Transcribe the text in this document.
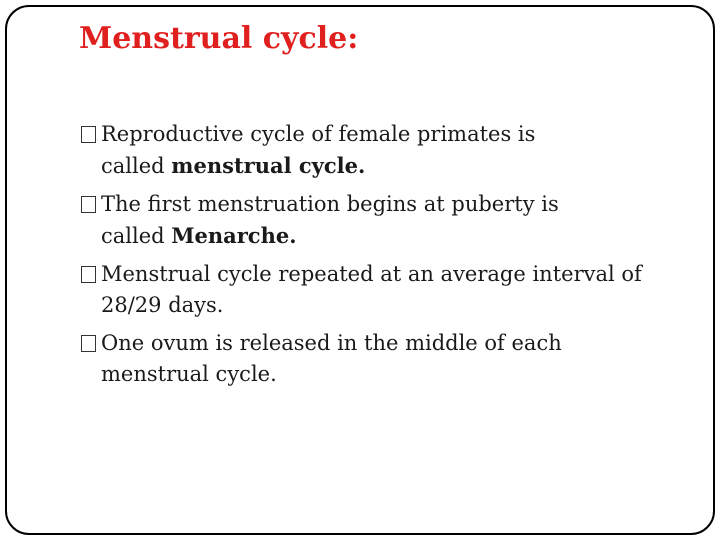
Menstrual cycle:
Reproductive cycle of female primates is
called menstrual cycle.
The first menstruation begins at puberty is
called Menarche.
Menstrual cycle repeated at an average interval of
28/29 days.
One ovum is released in the middle of each
menstrual cycle.
